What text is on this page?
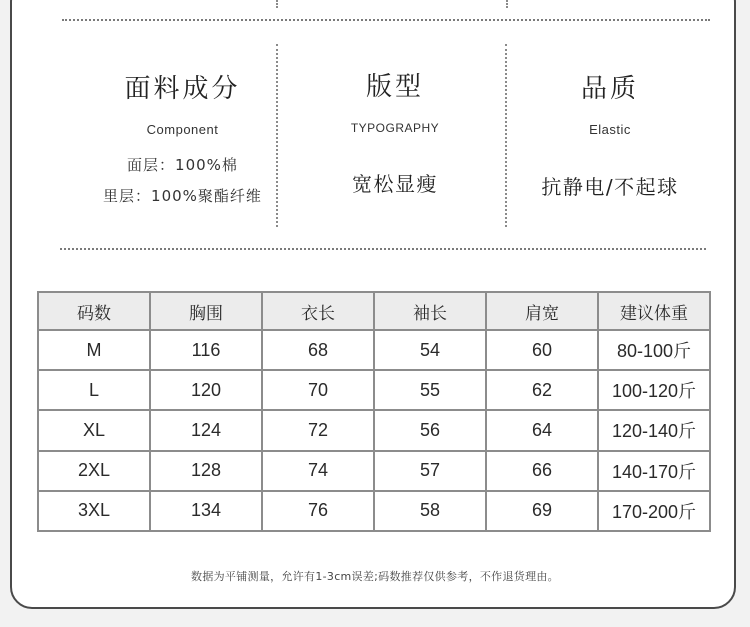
面料成分
Component
面层：100%棉
里层：100%聚酯纤维
版型
TYPOGRAPHY
宽松显瘦
品质
Elastic
抗静电/不起球
码数	胸围	衣长	袖长	肩宽	建议体重
M	116	68	54	60	80-100斤
L	120	70	55	62	100-120斤
XL	124	72	56	64	120-140斤
2XL	128	74	57	66	140-170斤
3XL	134	76	58	69	170-200斤
数据为平铺测量，允许有1-3cm误差;码数推荐仅供参考，不作退货理由。
